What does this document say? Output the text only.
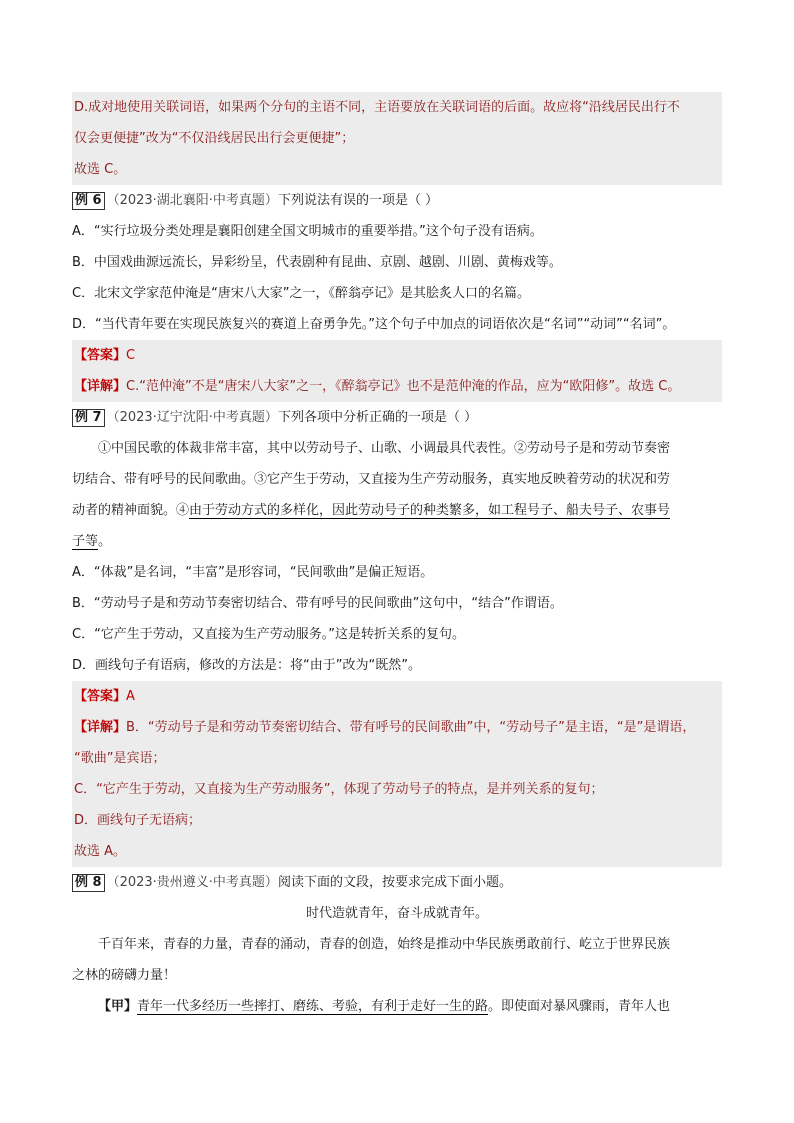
D.成对地使用关联词语，如果两个分句的主语不同，主语要放在关联词语的后面。故应将“沿线居民出行不
仅会更便捷”改为“不仅沿线居民出行会更便捷”；
故选 C。
例 6 （2023·湖北襄阳·中考真题）下列说法有误的一项是（ ）
A．“实行垃圾分类处理是襄阳创建全国文明城市的重要举措。”这个句子没有语病。
B．中国戏曲源远流长，异彩纷呈，代表剧种有昆曲、京剧、越剧、川剧、黄梅戏等。
C．北宋文学家范仲淹是“唐宋八大家”之一，《醉翁亭记》是其脍炙人口的名篇。
D．“当代青年要在实现民族复兴的赛道上奋勇争先。”这个句子中加点的词语依次是“名词”“动词”“名词”。
【答案】C
【详解】C.“范仲淹”不是“唐宋八大家”之一，《醉翁亭记》也不是范仲淹的作品，应为“欧阳修”。故选 C。
例 7 （2023·辽宁沈阳·中考真题）下列各项中分析正确的一项是（ ）
①中国民歌的体裁非常丰富，其中以劳动号子、山歌、小调最具代表性。②劳动号子是和劳动节奏密
切结合、带有呼号的民间歌曲。③它产生于劳动，又直接为生产劳动服务，真实地反映着劳动的状况和劳
动者的精神面貌。④由于劳动方式的多样化，因此劳动号子的种类繁多，如工程号子、船夫号子、农事号
子等。
A．“体裁”是名词，“丰富”是形容词，“民间歌曲”是偏正短语。
B．“劳动号子是和劳动节奏密切结合、带有呼号的民间歌曲”这句中，“结合”作谓语。
C．“它产生于劳动，又直接为生产劳动服务。”这是转折关系的复句。
D．画线句子有语病，修改的方法是：将“由于”改为“既然”。
【答案】A
【详解】B．“劳动号子是和劳动节奏密切结合、带有呼号的民间歌曲”中，“劳动号子”是主语，“是”是谓语，
“歌曲”是宾语；
C．“它产生于劳动，又直接为生产劳动服务”，体现了劳动号子的特点，是并列关系的复句；
D．画线句子无语病；
故选 A。
例 8 （2023·贵州遵义·中考真题）阅读下面的文段，按要求完成下面小题。
时代造就青年，奋斗成就青年。
千百年来，青春的力量，青春的涌动，青春的创造，始终是推动中华民族勇敢前行、屹立于世界民族
之林的磅礴力量！
【甲】青年一代多经历一些摔打、磨练、考验，有利于走好一生的路。即使面对暴风骤雨，青年人也
